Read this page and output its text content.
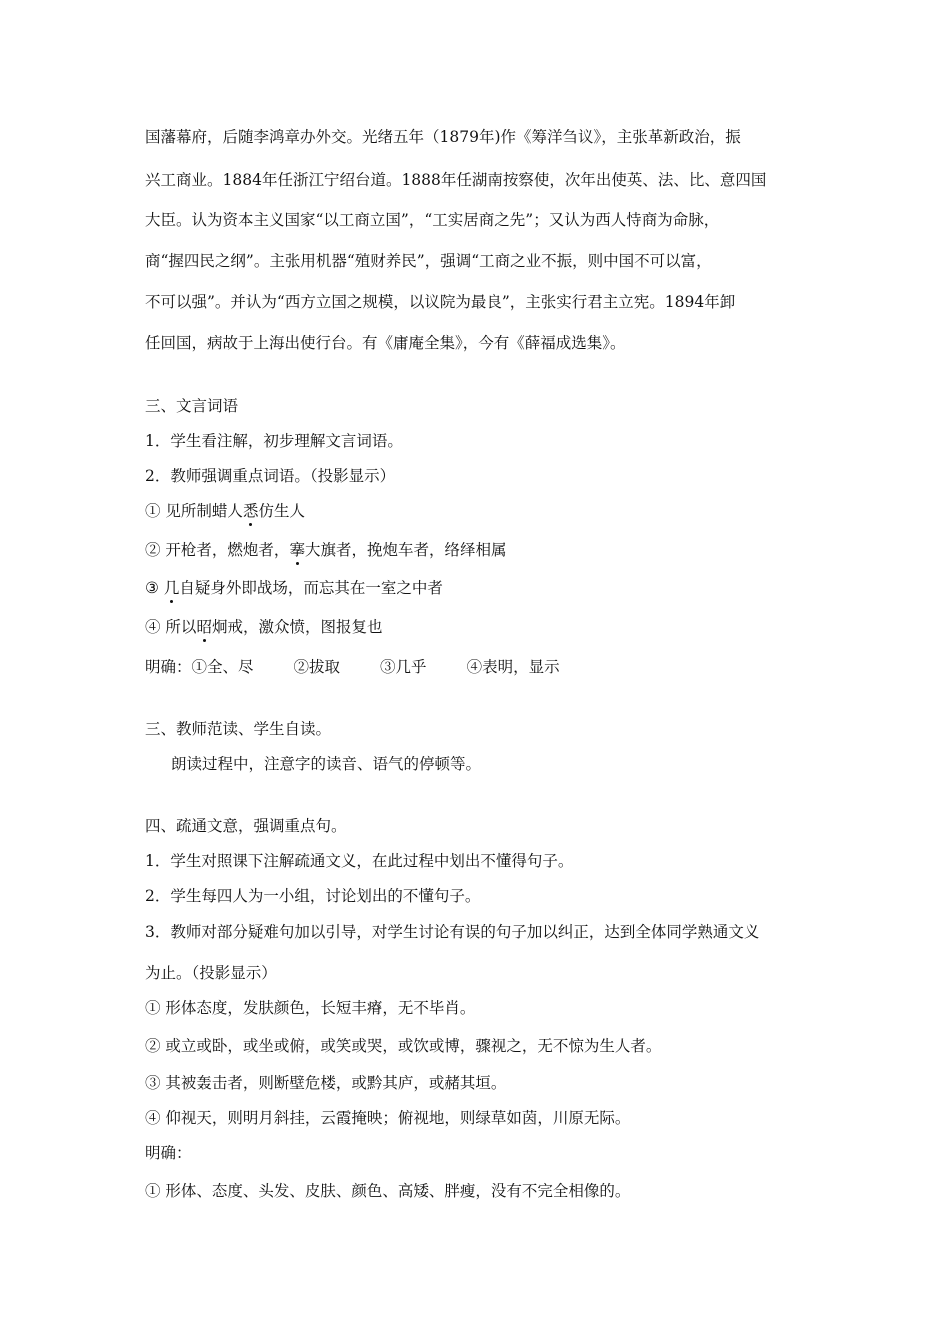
国藩幕府，后随李鸿章办外交。光绪五年（1879年)作《筹洋刍议》，主张革新政治，振
兴工商业。1884年任浙江宁绍台道。1888年任湖南按察使，次年出使英、法、比、意四国
大臣。认为资本主义国家“以工商立国”，“工实居商之先”；又认为西人恃商为命脉，
商“握四民之纲”。主张用机器“殖财养民”，强调“工商之业不振，则中国不可以富，
不可以强”。并认为“西方立国之规模，以议院为最良”，主张实行君主立宪。1894年卸
任回国，病故于上海出使行台。有《庸庵全集》，今有《薛福成选集》。
三、文言词语
1．学生看注解，初步理解文言词语。
2．教师强调重点词语。（投影显示）
① 见所制蜡人悉仿生人
② 开枪者，燃炮者，搴大旗者，挽炮车者，络绎相属
③ 几自疑身外即战场，而忘其在一室之中者
④ 所以昭炯戒，激众愤，图报复也
明确：①全、尽	②拔取	③几乎	④表明，显示
三、教师范读、学生自读。
朗读过程中，注意字的读音、语气的停顿等。
四、疏通文意，强调重点句。
1．学生对照课下注解疏通文义，在此过程中划出不懂得句子。
2．学生每四人为一小组，讨论划出的不懂句子。
3．教师对部分疑难句加以引导，对学生讨论有误的句子加以纠正，达到全体同学熟通文义
为止。（投影显示）
① 形体态度，发肤颜色，长短丰瘠，无不毕肖。
② 或立或卧，或坐或俯，或笑或哭，或饮或博，骤视之，无不惊为生人者。
③ 其被轰击者，则断壁危楼，或黔其庐，或赭其垣。
④ 仰视天，则明月斜挂，云霞掩映；俯视地，则绿草如茵，川原无际。
明确：
① 形体、态度、头发、皮肤、颜色、高矮、胖瘦，没有不完全相像的。
